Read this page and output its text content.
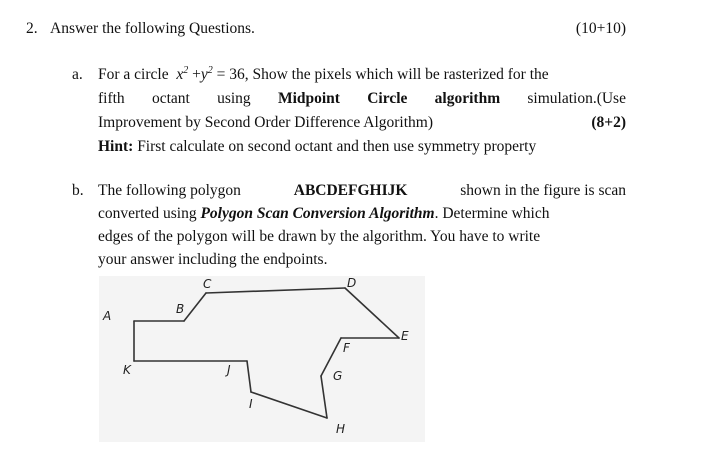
2. Answer the following Questions.	(10+10)
a. For a circle $x^2 +y^2 = 36$, Show the pixels which will be rasterized for the
fifth octant using Midpoint Circle algorithm simulation.(Use
Improvement by Second Order Difference Algorithm)	(8+2)
Hint: First calculate on second octant and then use symmetry property
b. The following polygon	ABCDEFGHIJK	shown in the figure is scan
converted using Polygon Scan Conversion Algorithm. Determine which
edges of the polygon will be drawn by the algorithm. You have to write
your answer including the endpoints.
A	B
C	D
E
F
G
H
I
J
K
